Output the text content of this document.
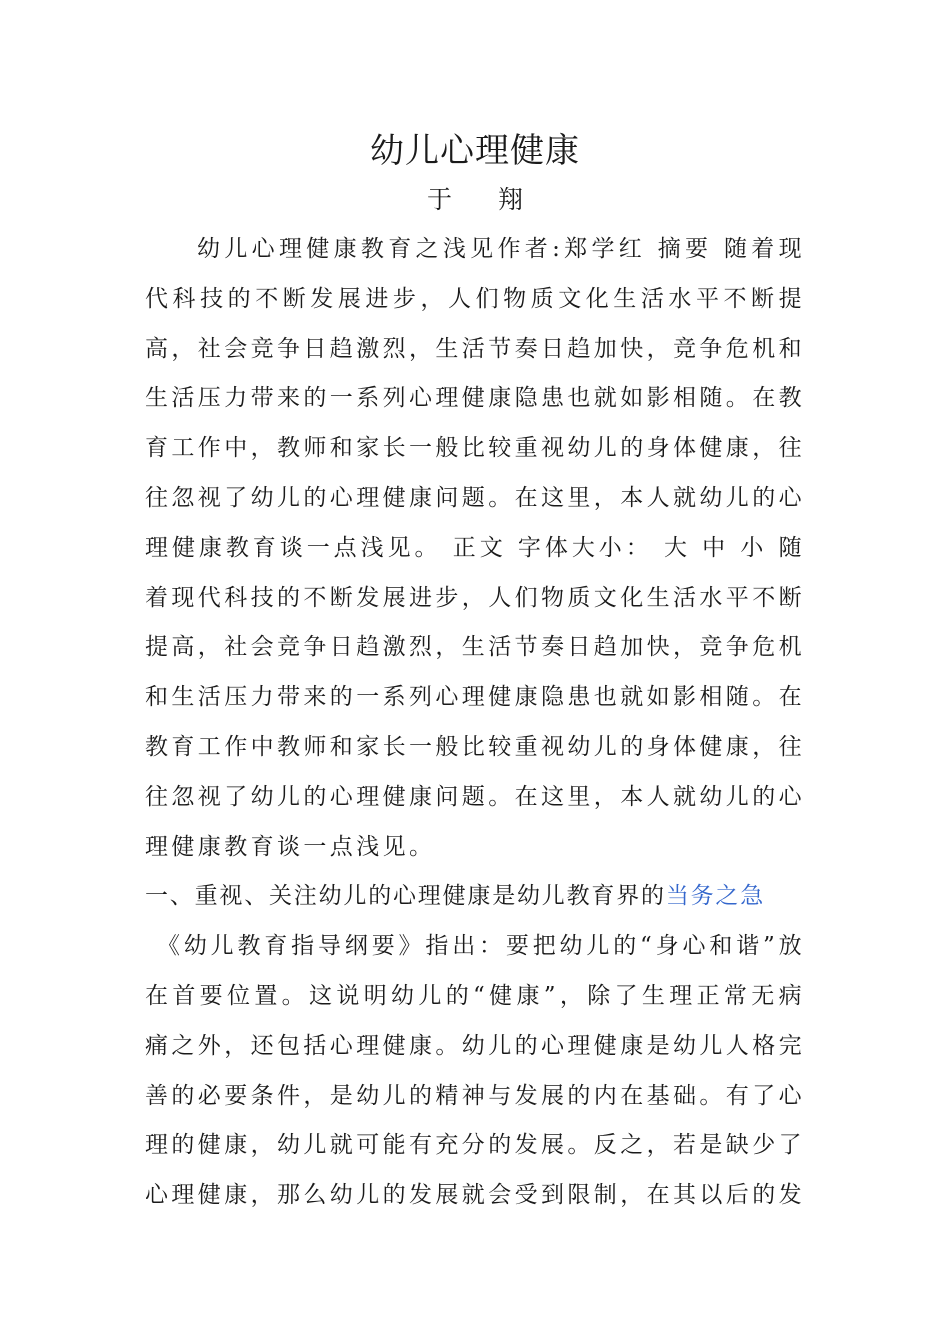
幼儿心理健康
于翔

幼儿心理健康教育之浅见作者:郑学红 摘要 随着现代科技的不断发展进步，人们物质文化生活水平不断提高，社会竞争日趋激烈，生活节奏日趋加快，竞争危机和生活压力带来的一系列心理健康隐患也就如影相随。在教育工作中，教师和家长一般比较重视幼儿的身体健康，往往忽视了幼儿的心理健康问题。在这里，本人就幼儿的心理健康教育谈一点浅见。 正文 字体大小： 大 中 小 随着现代科技的不断发展进步，人们物质文化生活水平不断提高，社会竞争日趋激烈，生活节奏日趋加快，竞争危机和生活压力带来的一系列心理健康隐患也就如影相随。在教育工作中教师和家长一般比较重视幼儿的身体健康，往往忽视了幼儿的心理健康问题。在这里，本人就幼儿的心理健康教育谈一点浅见。

一、重视、关注幼儿的心理健康是幼儿教育界的当务之急

《幼儿教育指导纲要》指出：要把幼儿的“身心和谐”放在首要位置。这说明幼儿的“健康”，除了生理正常无病痛之外，还包括心理健康。幼儿的心理健康是幼儿人格完善的必要条件，是幼儿的精神与发展的内在基础。有了心理的健康，幼儿就可能有充分的发展。反之，若是缺少了心理健康，那么幼儿的发展就会受到限制，在其以后的发
